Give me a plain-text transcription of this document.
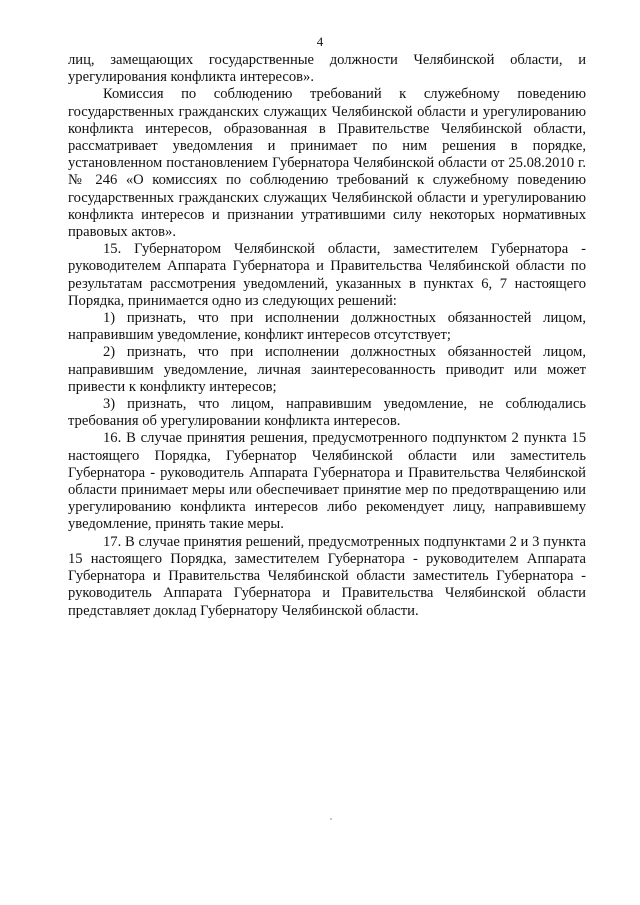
4

лиц, замещающих государственные должности Челябинской области, и урегулирования конфликта интересов».

Комиссия по соблюдению требований к служебному поведению государственных гражданских служащих Челябинской области и урегулированию конфликта интересов, образованная в Правительстве Челябинской области, рассматривает уведомления и принимает по ним решения в порядке, установленном постановлением Губернатора Челябинской области от 25.08.2010 г. № 246 «О комиссиях по соблюдению требований к служебному поведению государственных гражданских служащих Челябинской области и урегулированию конфликта интересов и признании утратившими силу некоторых нормативных правовых актов».

15. Губернатором Челябинской области, заместителем Губернатора - руководителем Аппарата Губернатора и Правительства Челябинской области по результатам рассмотрения уведомлений, указанных в пунктах 6, 7 настоящего Порядка, принимается одно из следующих решений:

1) признать, что при исполнении должностных обязанностей лицом, направившим уведомление, конфликт интересов отсутствует;

2) признать, что при исполнении должностных обязанностей лицом, направившим уведомление, личная заинтересованность приводит или может привести к конфликту интересов;

3) признать, что лицом, направившим уведомление, не соблюдались требования об урегулировании конфликта интересов.

16. В случае принятия решения, предусмотренного подпунктом 2 пункта 15 настоящего Порядка, Губернатор Челябинской области или заместитель Губернатора - руководитель Аппарата Губернатора и Правительства Челябинской области принимает меры или обеспечивает принятие мер по предотвращению или урегулированию конфликта интересов либо рекомендует лицу, направившему уведомление, принять такие меры.

17. В случае принятия решений, предусмотренных подпунктами 2 и 3 пункта 15 настоящего Порядка, заместителем Губернатора - руководителем Аппарата Губернатора и Правительства Челябинской области заместитель Губернатора - руководитель Аппарата Губернатора и Правительства Челябинской области представляет доклад Губернатору Челябинской области.
